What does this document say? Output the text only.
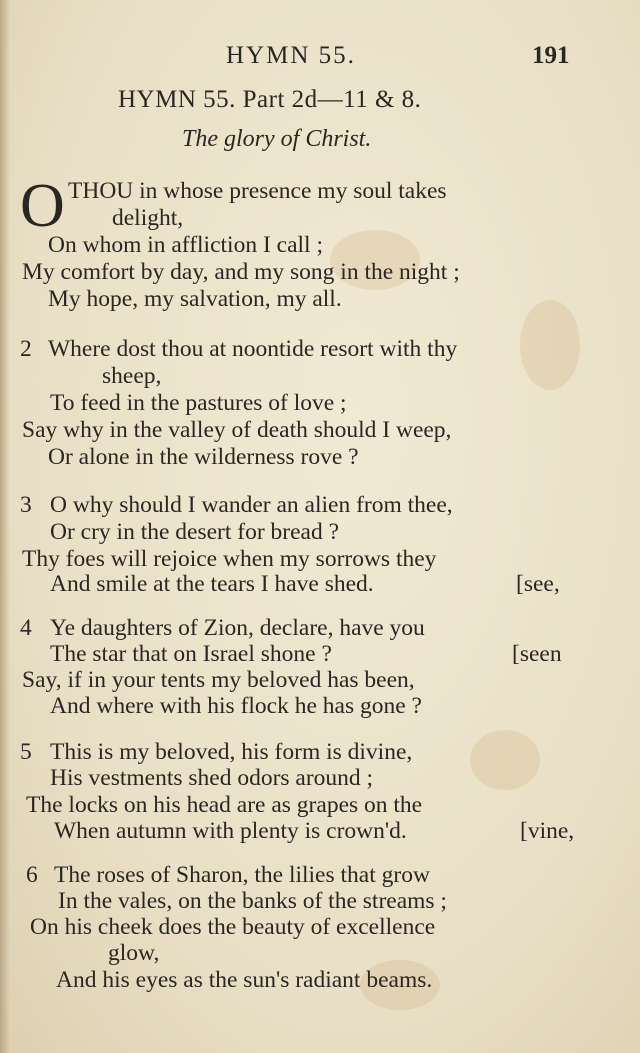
HYMN 55.	191
HYMN 55. Part 2d—11 & 8.
The glory of Christ.
O THOU in whose presence my soul takes
delight,
On whom in affliction I call ;
My comfort by day, and my song in the night ;
My hope, my salvation, my all.
2 Where dost thou at noontide resort with thy
sheep,
To feed in the pastures of love ;
Say why in the valley of death should I weep,
Or alone in the wilderness rove ?
3 O why should I wander an alien from thee,
Or cry in the desert for bread ?
Thy foes will rejoice when my sorrows they
And smile at the tears I have shed.	[see,
4 Ye daughters of Zion, declare, have you
The star that on Israel shone ?	[seen
Say, if in your tents my beloved has been,
And where with his flock he has gone ?
5 This is my beloved, his form is divine,
His vestments shed odors around ;
The locks on his head are as grapes on the
When autumn with plenty is crown'd.	[vine,
6 The roses of Sharon, the lilies that grow
In the vales, on the banks of the streams ;
On his cheek does the beauty of excellence
glow,
And his eyes as the sun's radiant beams.
